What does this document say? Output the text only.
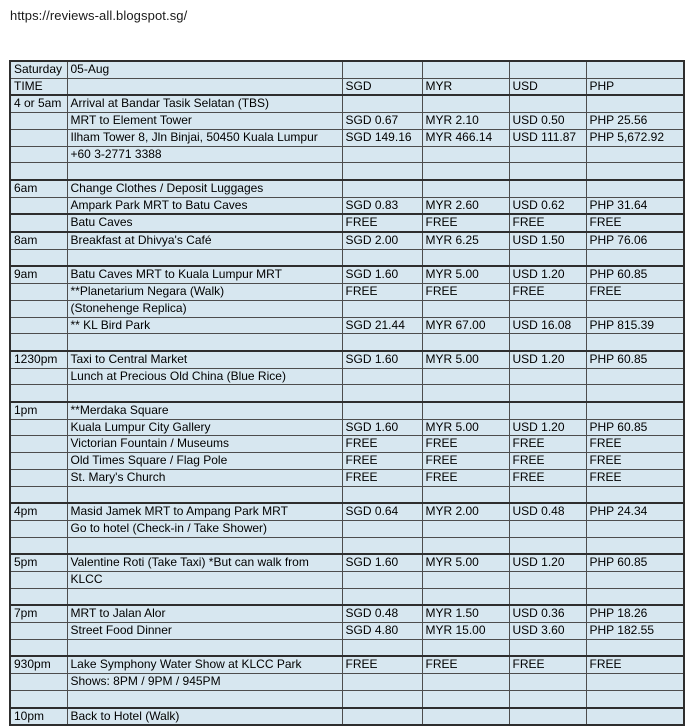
https://reviews-all.blogspot.sg/
Saturday	05-Aug				
TIME		SGD	MYR	USD	PHP
4 or 5am	Arrival at Bandar Tasik Selatan (TBS)				
	MRT to Element Tower	SGD 0.67	MYR 2.10	USD 0.50	PHP 25.56
	Ilham Tower 8, Jln Binjai, 50450 Kuala Lumpur	SGD 149.16	MYR 466.14	USD 111.87	PHP 5,672.92
	+60 3-2771 3388				

6am	Change Clothes / Deposit Luggages				
	Ampark Park MRT to Batu Caves	SGD 0.83	MYR 2.60	USD 0.62	PHP 31.64
	Batu Caves	FREE	FREE	FREE	FREE
8am	Breakfast at Dhivya's Café	SGD 2.00	MYR 6.25	USD 1.50	PHP 76.06

9am	Batu Caves MRT to Kuala Lumpur MRT	SGD 1.60	MYR 5.00	USD 1.20	PHP 60.85
	**Planetarium Negara (Walk)	FREE	FREE	FREE	FREE
	(Stonehenge Replica)				
	** KL Bird Park	SGD 21.44	MYR 67.00	USD 16.08	PHP 815.39

1230pm	Taxi to Central Market	SGD 1.60	MYR 5.00	USD 1.20	PHP 60.85
	Lunch at Precious Old China (Blue Rice)				

1pm	**Merdaka Square				
	Kuala Lumpur City Gallery	SGD 1.60	MYR 5.00	USD 1.20	PHP 60.85
	Victorian Fountain / Museums	FREE	FREE	FREE	FREE
	Old Times Square / Flag Pole	FREE	FREE	FREE	FREE
	St. Mary's Church	FREE	FREE	FREE	FREE

4pm	Masid Jamek MRT to Ampang Park MRT	SGD 0.64	MYR 2.00	USD 0.48	PHP 24.34
	Go to hotel (Check-in / Take Shower)				

5pm	Valentine Roti (Take Taxi) *But can walk from	SGD 1.60	MYR 5.00	USD 1.20	PHP 60.85
	KLCC				

7pm	MRT to Jalan Alor	SGD 0.48	MYR 1.50	USD 0.36	PHP 18.26
	Street Food Dinner	SGD 4.80	MYR 15.00	USD 3.60	PHP 182.55

930pm	Lake Symphony Water Show at KLCC Park	FREE	FREE	FREE	FREE
	Shows: 8PM / 9PM / 945PM				

10pm	Back to Hotel (Walk)				
